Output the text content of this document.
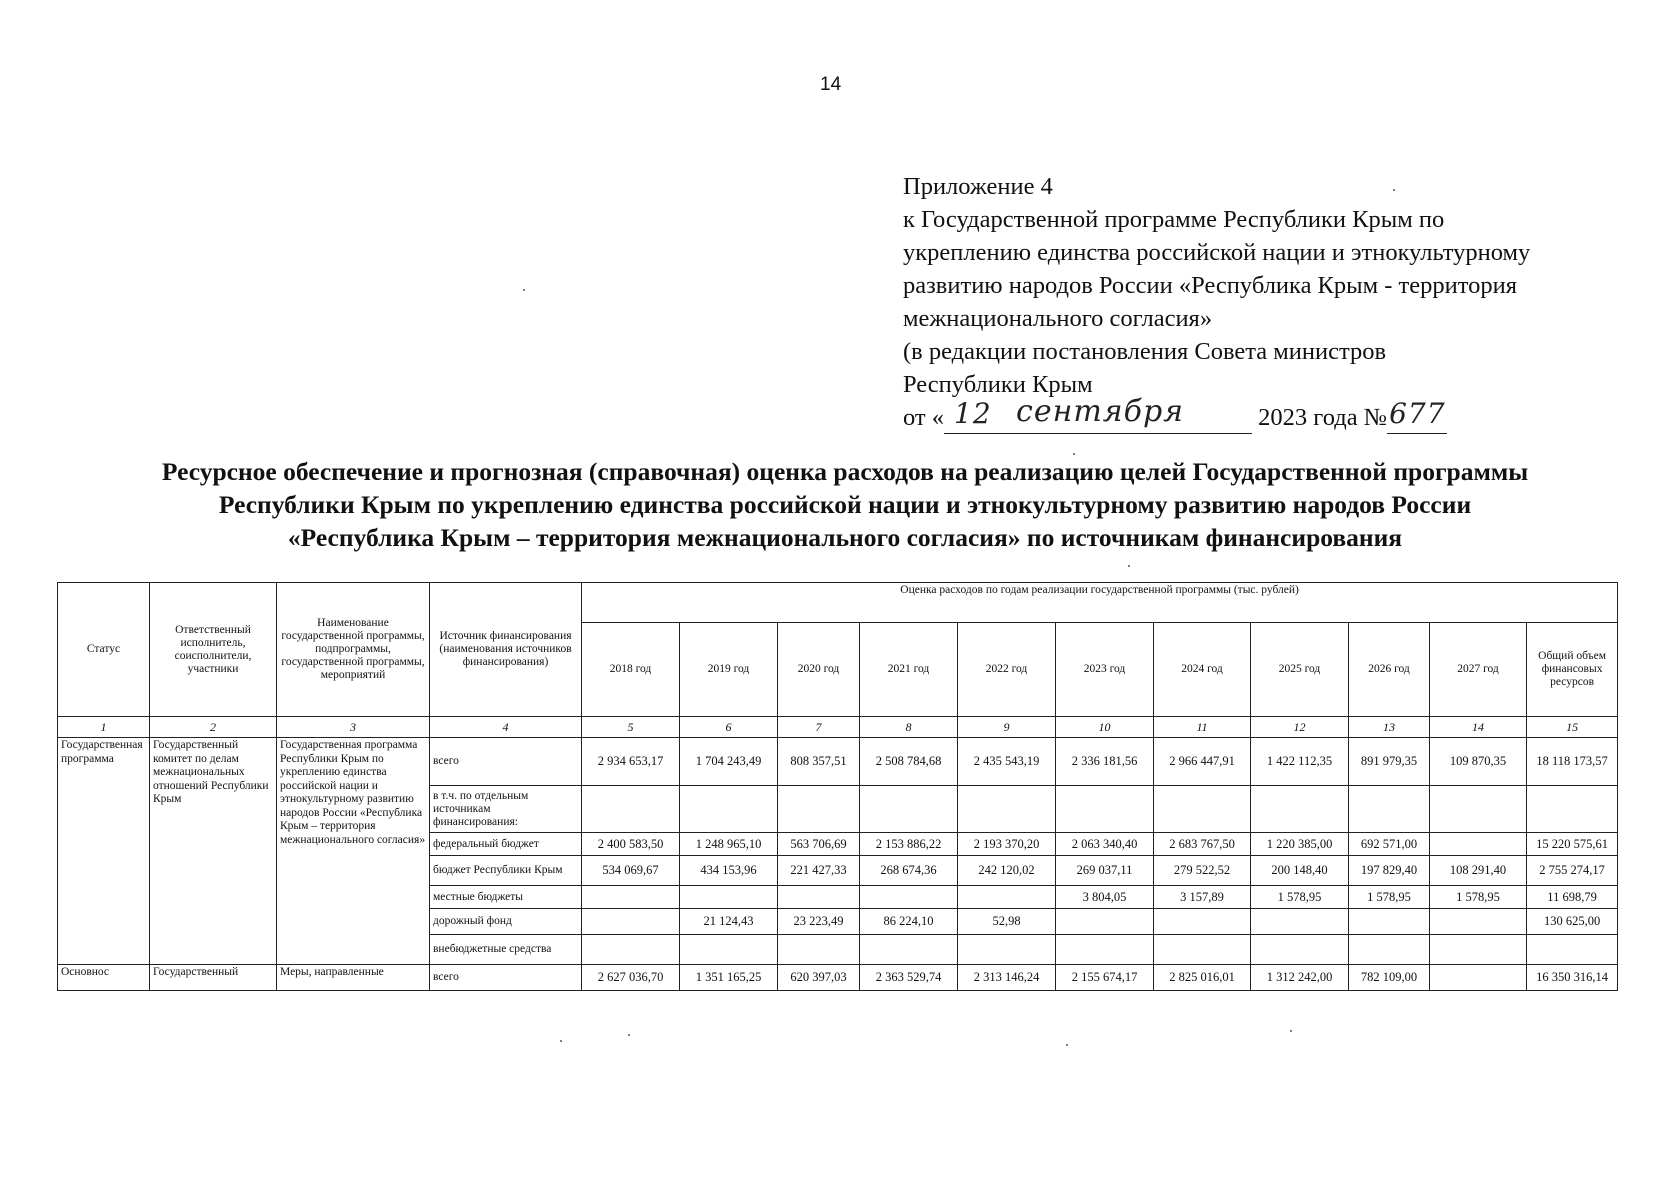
14
Приложение 4
к Государственной программе Республики Крым по
укреплению единства российской нации и этнокультурному
развитию народов России «Республика Крым - территория
межнационального согласия»
(в редакции постановления Совета министров
Республики Крым
от « 12 сентября	2023 года № 677
Ресурсное обеспечение и прогнозная (справочная) оценка расходов на реализацию целей Государственной программы
Республики Крым по укреплению единства российской нации и этнокультурному развитию народов России
«Республика Крым – территория межнационального согласия» по источникам финансирования
Статус	Ответственный исполнитель, соисполнители, участники	Наименование государственной программы, подпрограммы, государственной программы, мероприятий	Источник финансирования (наименования источников финансирования)	Оценка расходов по годам реализации государственной программы (тыс. рублей)										
				2018 год	2019 год	2020 год	2021 год	2022 год	2023 год	2024 год	2025 год	2026 год	2027 год	Общий объем финансовых ресурсов
1	2	3	4	5	6	7	8	9	10	11	12	13	14	15
Государственная программа	Государственный комитет по делам межнациональных отношений Республики Крым	Государственная программа Республики Крым по укреплению единства российской нации и этнокультурному развитию народов России «Республика Крым – территория межнационального согласия»	всего	2 934 653,17	1 704 243,49	808 357,51	2 508 784,68	2 435 543,19	2 336 181,56	2 966 447,91	1 422 112,35	891 979,35	109 870,35	18 118 173,57
			в т.ч. по отдельным источникам финансирования:											
			федеральный бюджет	2 400 583,50	1 248 965,10	563 706,69	2 153 886,22	2 193 370,20	2 063 340,40	2 683 767,50	1 220 385,00	692 571,00		15 220 575,61
			бюджет Республики Крым	534 069,67	434 153,96	221 427,33	268 674,36	242 120,02	269 037,11	279 522,52	200 148,40	197 829,40	108 291,40	2 755 274,17
			местные бюджеты						3 804,05	3 157,89	1 578,95	1 578,95	1 578,95	11 698,79
			дорожный фонд		21 124,43	23 223,49	86 224,10	52,98						130 625,00
			внебюджетные средства											
Основнос	Государственный	Меры, направленные	всего	2 627 036,70	1 351 165,25	620 397,03	2 363 529,74	2 313 146,24	2 155 674,17	2 825 016,01	1 312 242,00	782 109,00		16 350 316,14
